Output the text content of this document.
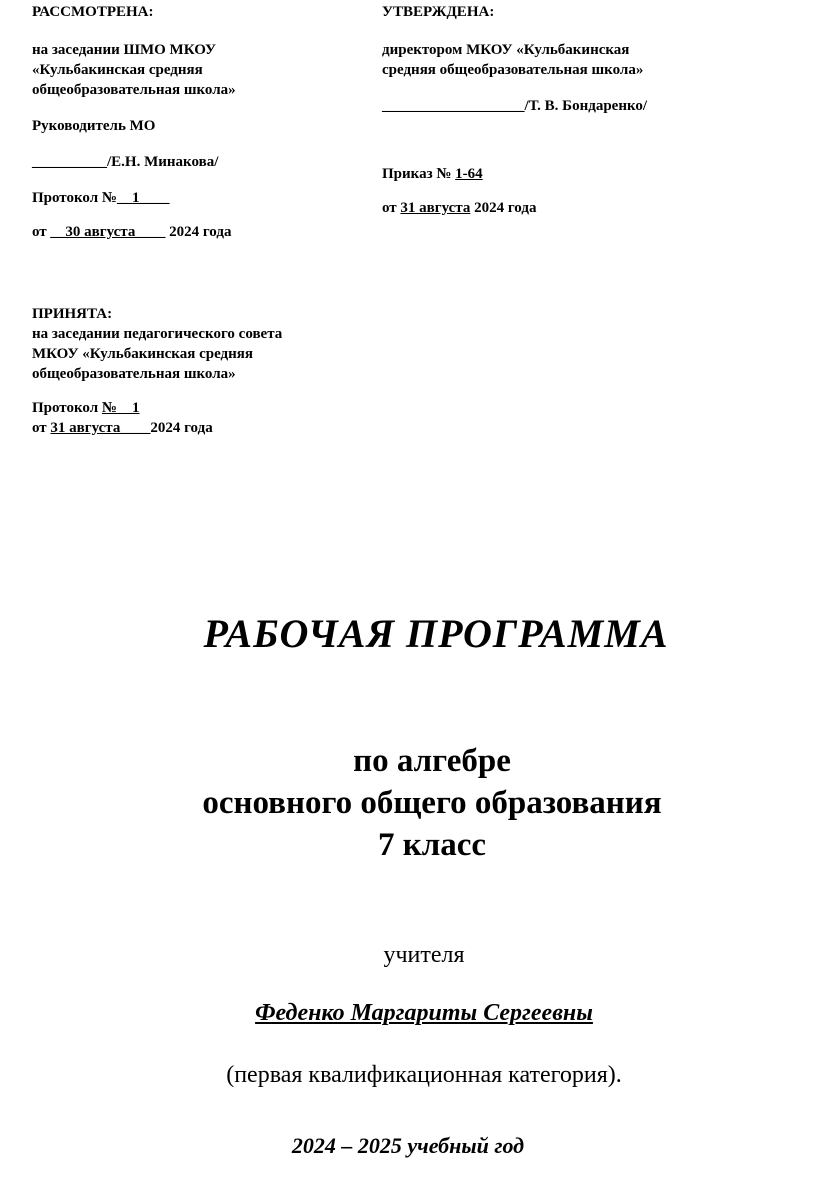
РАССМОТРЕНА:

на заседании ШМО МКОУ

«Кульбакинская средняя

общеобразовательная школа»

Руководитель МО

__________/Е.Н. Минакова/

Протокол №__1____

от __30 августа____ 2024 года

УТВЕРЖДЕНА:

директором МКОУ «Кульбакинская

средняя общеобразовательная школа»

___________________/Т. В. Бондаренко/

Приказ № 1-64

от 31 августа 2024 года

ПРИНЯТА:

на заседании педагогического совета

МКОУ «Кульбакинская средняя

общеобразовательная школа»

Протокол №    1

от 31 августа____2024 года

РАБОЧАЯ ПРОГРАММА
по алгебре
основного общего образования
7 класс
учителя
Феденко Маргариты Сергеевны
(первая квалификационная категория).
2024 – 2025 учебный год
